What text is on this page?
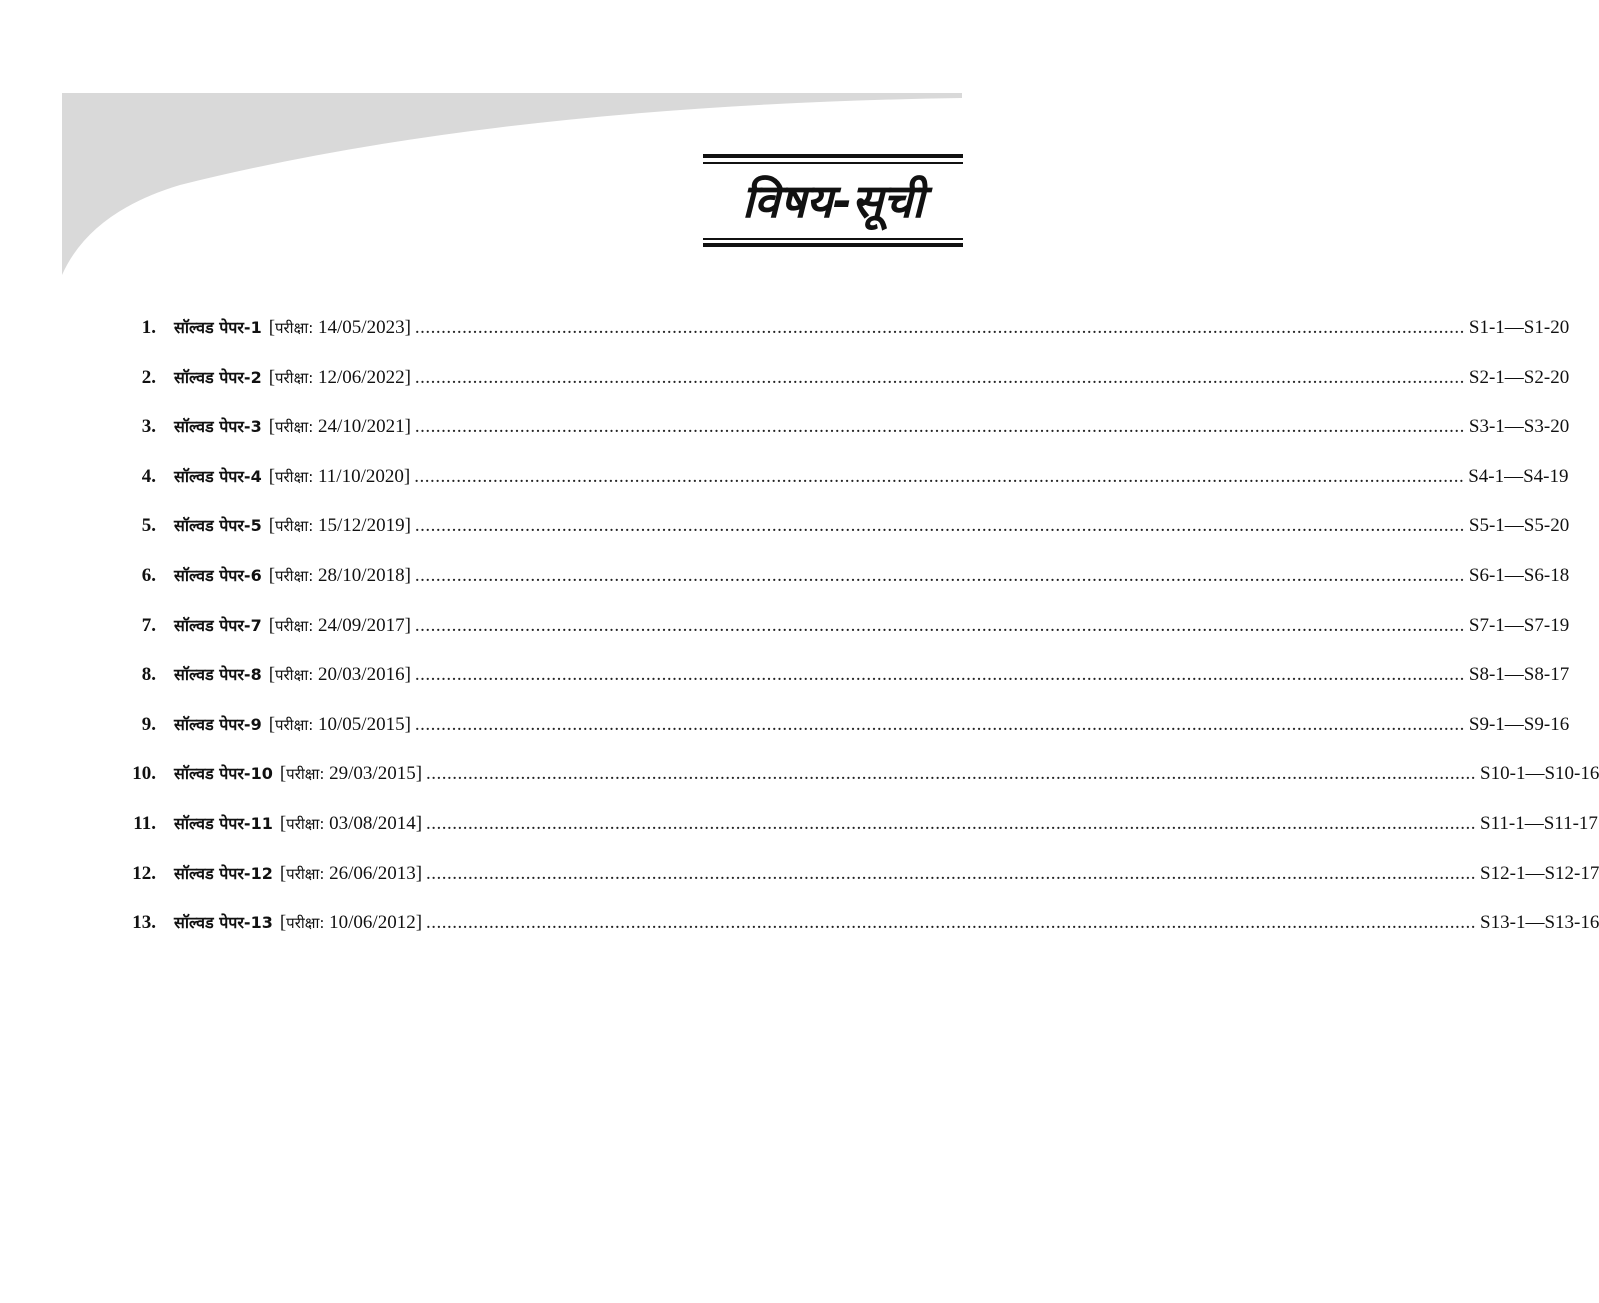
विषय-सूची
1. सॉल्वड पेपर-1 [परीक्षा: 14/05/2023] ........................................................................................................................................................................................................ S1-1—S1-20
2. सॉल्वड पेपर-2 [परीक्षा: 12/06/2022] ........................................................................................................................................................................................................ S2-1—S2-20
3. सॉल्वड पेपर-3 [परीक्षा: 24/10/2021] ........................................................................................................................................................................................................ S3-1—S3-20
4. सॉल्वड पेपर-4 [परीक्षा: 11/10/2020] ........................................................................................................................................................................................................ S4-1—S4-19
5. सॉल्वड पेपर-5 [परीक्षा: 15/12/2019] ........................................................................................................................................................................................................ S5-1—S5-20
6. सॉल्वड पेपर-6 [परीक्षा: 28/10/2018] ........................................................................................................................................................................................................ S6-1—S6-18
7. सॉल्वड पेपर-7 [परीक्षा: 24/09/2017] ........................................................................................................................................................................................................ S7-1—S7-19
8. सॉल्वड पेपर-8 [परीक्षा: 20/03/2016] ........................................................................................................................................................................................................ S8-1—S8-17
9. सॉल्वड पेपर-9 [परीक्षा: 10/05/2015] ........................................................................................................................................................................................................ S9-1—S9-16
10. सॉल्वड पेपर-10 [परीक्षा: 29/03/2015] ........................................................................................................................................................................................................ S10-1—S10-16
11. सॉल्वड पेपर-11 [परीक्षा: 03/08/2014] ........................................................................................................................................................................................................ S11-1—S11-17
12. सॉल्वड पेपर-12 [परीक्षा: 26/06/2013] ........................................................................................................................................................................................................ S12-1—S12-17
13. सॉल्वड पेपर-13 [परीक्षा: 10/06/2012] ........................................................................................................................................................................................................ S13-1—S13-16
